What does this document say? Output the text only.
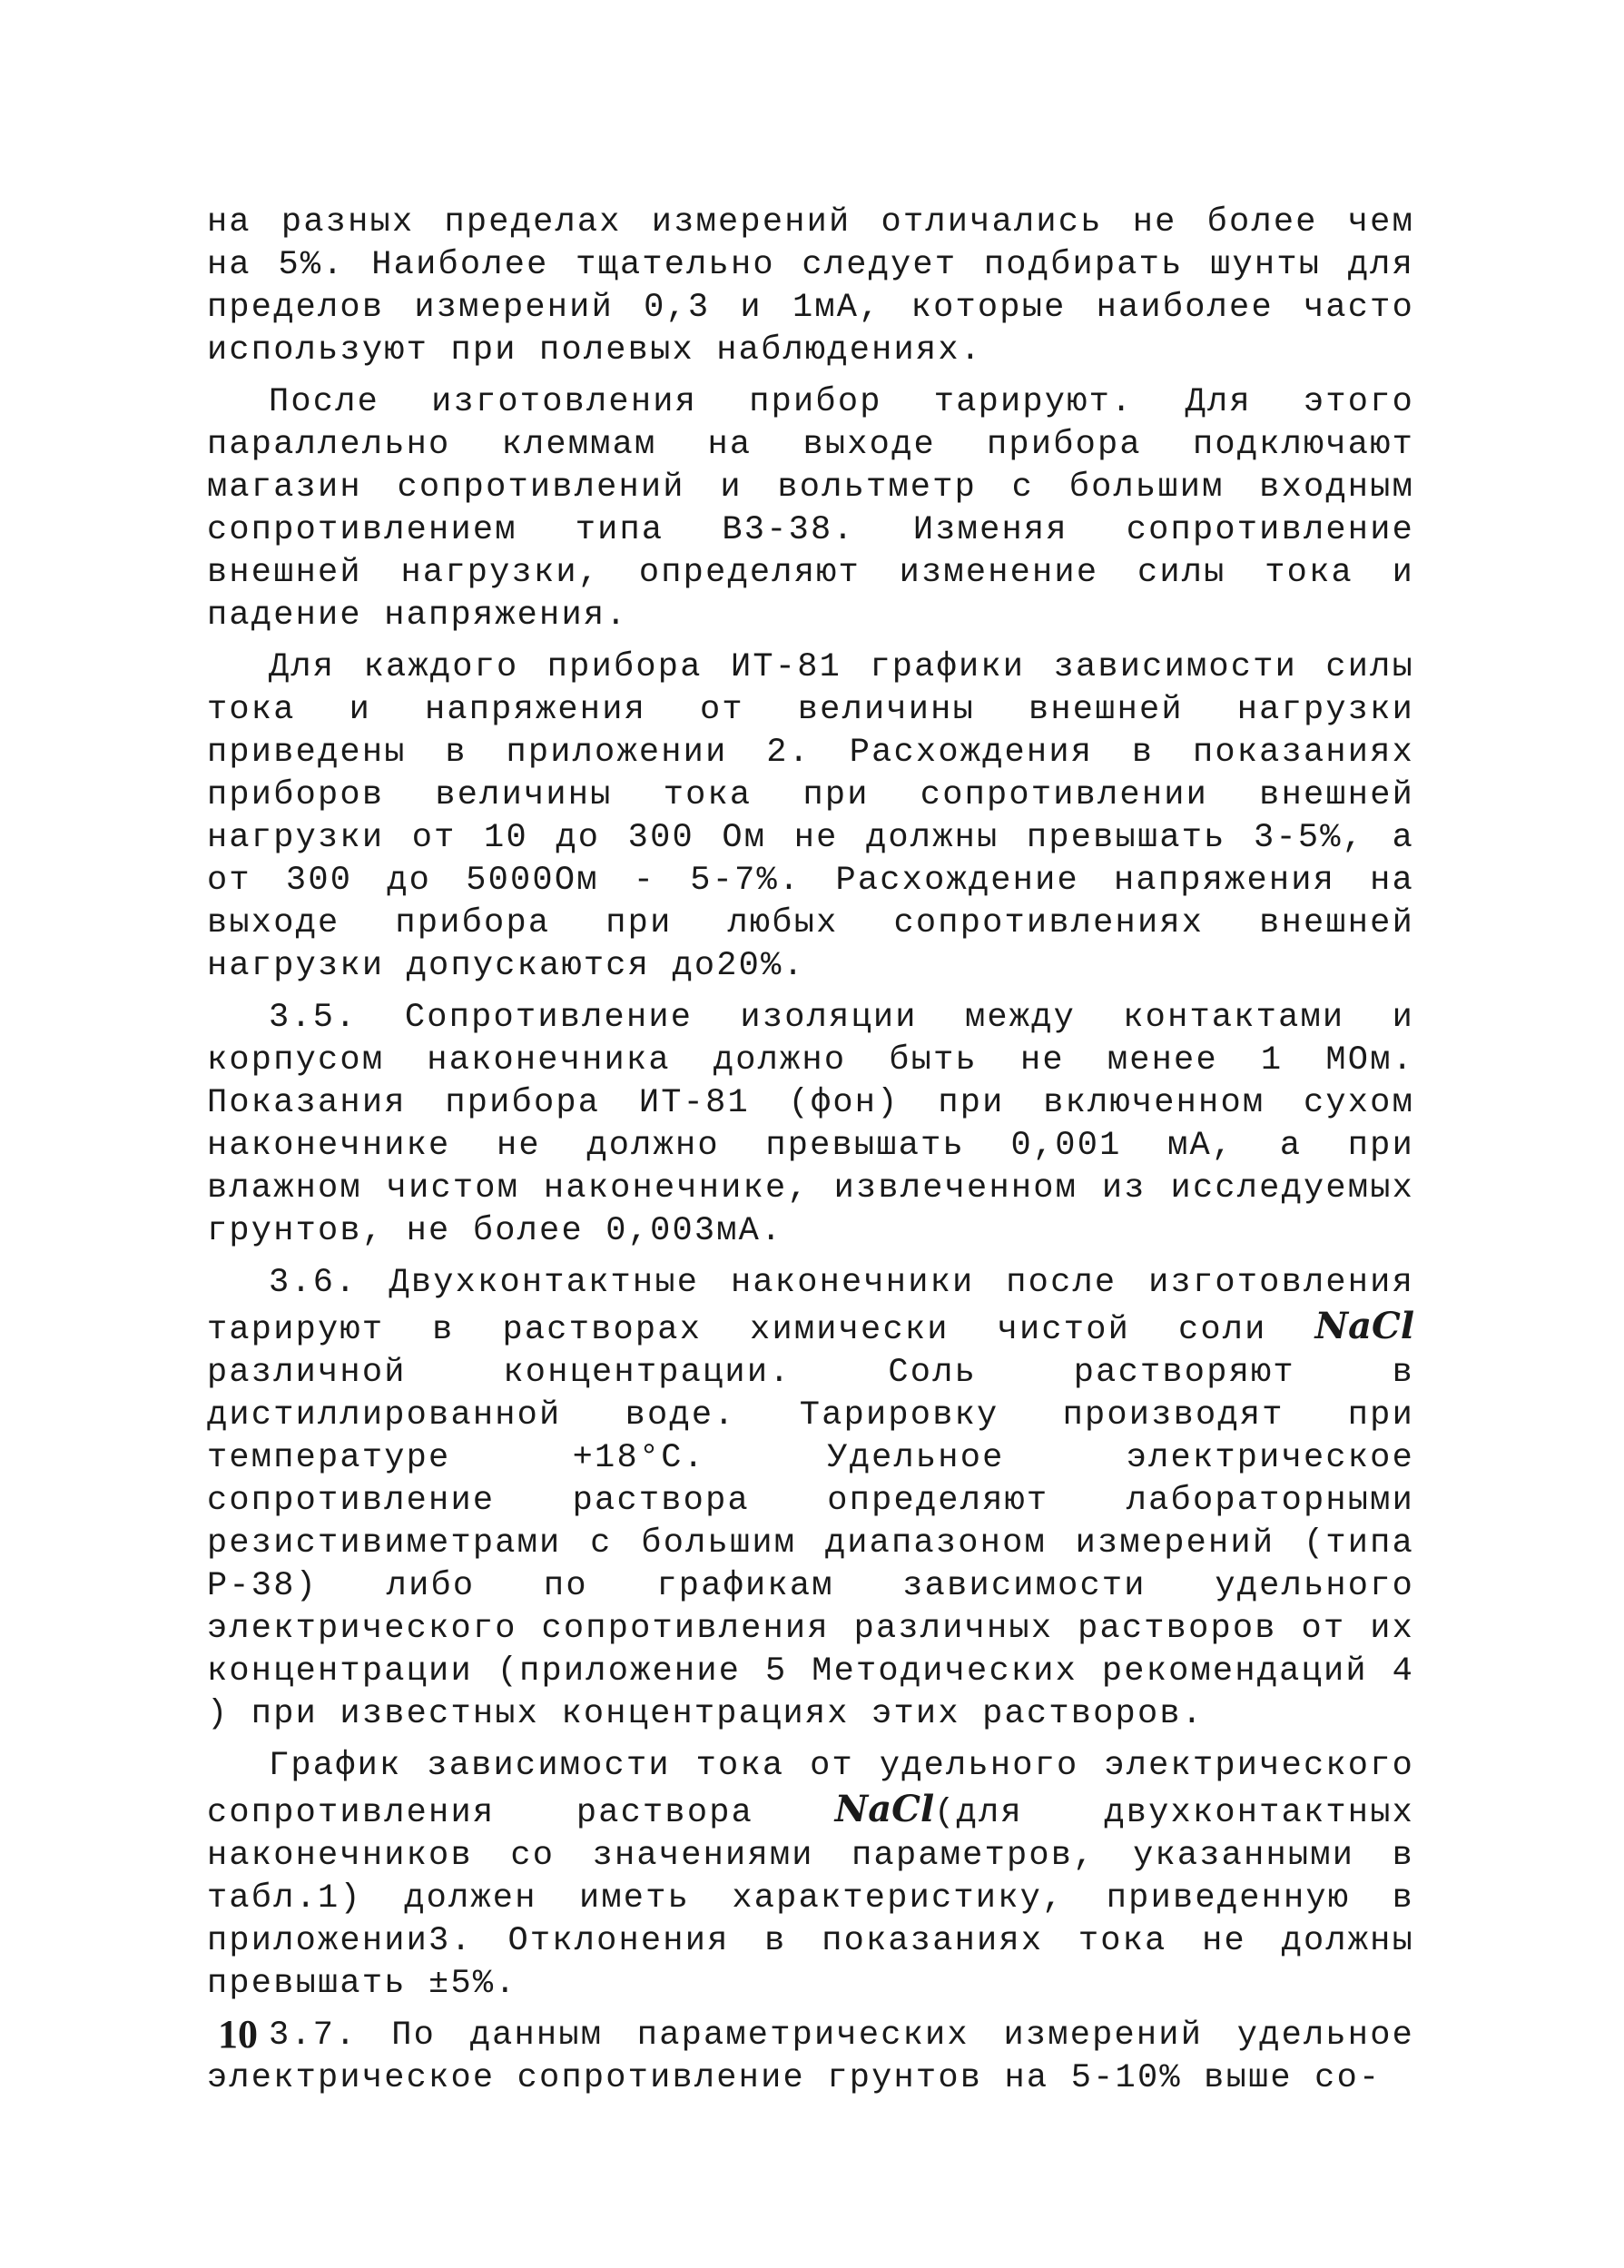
на разных пределах измерений отличались не более чем на 5%. Наиболее тщательно следует подбирать шунты для пределов измерений 0,3 и 1мА, которые наиболее часто используют при полевых наблюдениях.

После изготовления прибор тарируют. Для этого параллельно клеммам на выходе прибора подключают магазин сопротивлений и вольтметр с большим входным сопротивлением типа В3-38. Изменяя сопротивление внешней нагрузки, определяют изменение силы тока и падение напряжения.

Для каждого прибора ИТ-81 графики зависимости силы тока и напряжения от величины внешней нагрузки приведены в приложении 2. Расхождения в показаниях приборов величины тока при сопротивлении внешней нагрузки от 10 до 300 Ом не должны превышать 3-5%, а от 300 до 5000Ом - 5-7%. Расхождение напряжения на выходе прибора при любых сопротивлениях внешней нагрузки допускаются до20%.

3.5. Сопротивление изоляции между контактами и корпусом наконечника должно быть не менее 1 МОм. Показания прибора ИТ-81 (фон) при включенном сухом наконечнике не должно превышать 0,001 мА, а при влажном чистом наконечнике, извлеченном из исследуемых грунтов, не более 0,003мА.

3.6. Двухконтактные наконечники после изготовления тарируют в растворах химически чистой соли NaCl различной концентрации. Соль растворяют в дистиллированной воде. Тарировку производят при температуре +18°С. Удельное электрическое сопротивление раствора определяют лабораторными резистивиметрами с большим диапазоном измерений (типа Р-38) либо по графикам зависимости удельного электрического сопротивления различных растворов от их концентрации (приложение 5 Методических рекомендаций 4 ) при известных концентрациях этих растворов.

График зависимости тока от удельного электрического сопротивления раствора NaCl(для двухконтактных наконечников со значениями параметров, указанными в табл.1) должен иметь характеристику, приведенную в приложении3. Отклонения в показаниях тока не должны превышать ±5%.

3.7. По данным параметрических измерений удельное электрическое сопротивление грунтов на 5-10% выше со-

10
